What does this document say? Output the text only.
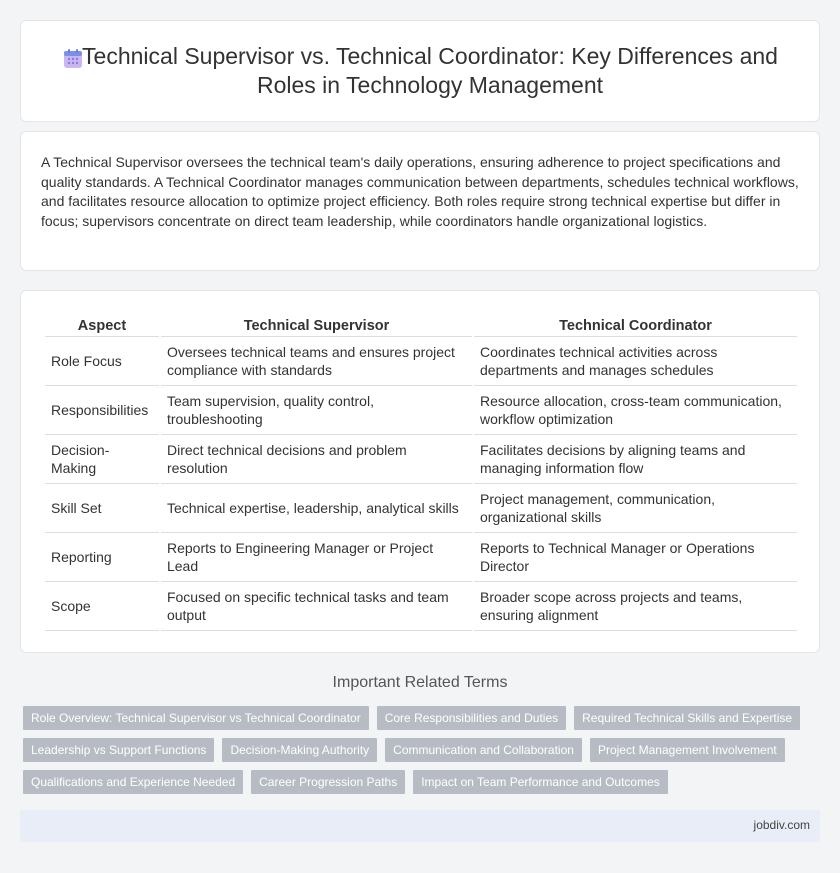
Technical Supervisor vs. Technical Coordinator: Key Differences and Roles in Technology Management

A Technical Supervisor oversees the technical team's daily operations, ensuring adherence to project specifications and quality standards. A Technical Coordinator manages communication between departments, schedules technical workflows, and facilitates resource allocation to optimize project efficiency. Both roles require strong technical expertise but differ in focus; supervisors concentrate on direct team leadership, while coordinators handle organizational logistics.

Aspect	Technical Supervisor	Technical Coordinator
Role Focus	Oversees technical teams and ensures project compliance with standards	Coordinates technical activities across departments and manages schedules
Responsibilities	Team supervision, quality control, troubleshooting	Resource allocation, cross-team communication, workflow optimization
Decision-Making	Direct technical decisions and problem resolution	Facilitates decisions by aligning teams and managing information flow
Skill Set	Technical expertise, leadership, analytical skills	Project management, communication, organizational skills
Reporting	Reports to Engineering Manager or Project Lead	Reports to Technical Manager or Operations Director
Scope	Focused on specific technical tasks and team output	Broader scope across projects and teams, ensuring alignment
Important Related Terms
Role Overview: Technical Supervisor vs Technical Coordinator	Core Responsibilities and Duties	Required Technical Skills and Expertise
Leadership vs Support Functions	Decision-Making Authority	Communication and Collaboration	Project Management Involvement
Qualifications and Experience Needed	Career Progression Paths	Impact on Team Performance and Outcomes
jobdiv.com
